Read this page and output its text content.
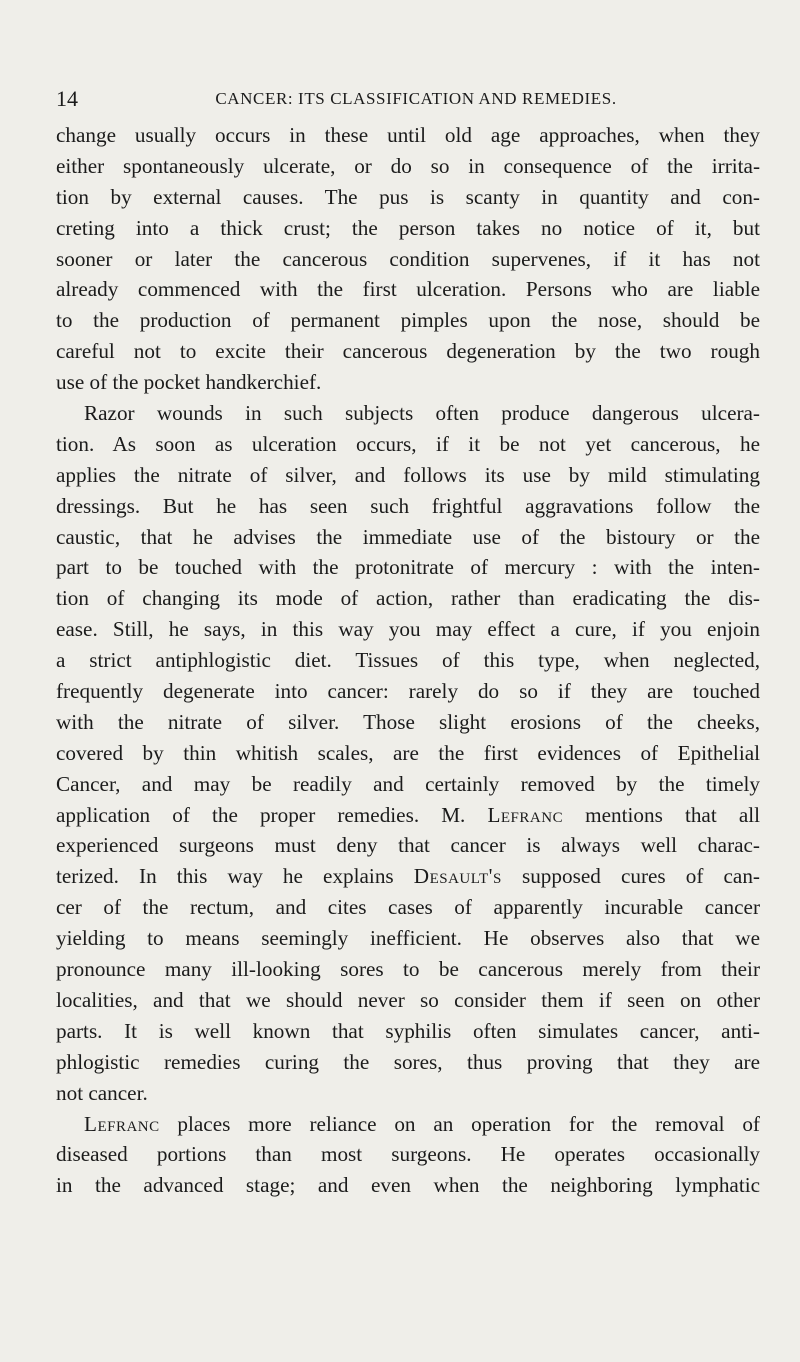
14	CANCER: ITS CLASSIFICATION AND REMEDIES.
change usually occurs in these until old age approaches, when they
either spontaneously ulcerate, or do so in consequence of the irrita-
tion by external causes. The pus is scanty in quantity and con-
creting into a thick crust; the person takes no notice of it, but
sooner or later the cancerous condition supervenes, if it has not
already commenced with the first ulceration. Persons who are liable
to the production of permanent pimples upon the nose, should be
careful not to excite their cancerous degeneration by the two rough
use of the pocket handkerchief.
Razor wounds in such subjects often produce dangerous ulcera-
tion. As soon as ulceration occurs, if it be not yet cancerous, he
applies the nitrate of silver, and follows its use by mild stimulating
dressings. But he has seen such frightful aggravations follow the
caustic, that he advises the immediate use of the bistoury or the
part to be touched with the protonitrate of mercury : with the inten-
tion of changing its mode of action, rather than eradicating the dis-
ease. Still, he says, in this way you may effect a cure, if you enjoin
a strict antiphlogistic diet. Tissues of this type, when neglected,
frequently degenerate into cancer: rarely do so if they are touched
with the nitrate of silver. Those slight erosions of the cheeks,
covered by thin whitish scales, are the first evidences of Epithelial
Cancer, and may be readily and certainly removed by the timely
application of the proper remedies. M. Lefranc mentions that all
experienced surgeons must deny that cancer is always well charac-
terized. In this way he explains Desault's supposed cures of can-
cer of the rectum, and cites cases of apparently incurable cancer
yielding to means seemingly inefficient. He observes also that we
pronounce many ill-looking sores to be cancerous merely from their
localities, and that we should never so consider them if seen on other
parts. It is well known that syphilis often simulates cancer, anti-
phlogistic remedies curing the sores, thus proving that they are
not cancer.
Lefranc places more reliance on an operation for the removal of
diseased portions than most surgeons. He operates occasionally
in the advanced stage; and even when the neighboring lymphatic
